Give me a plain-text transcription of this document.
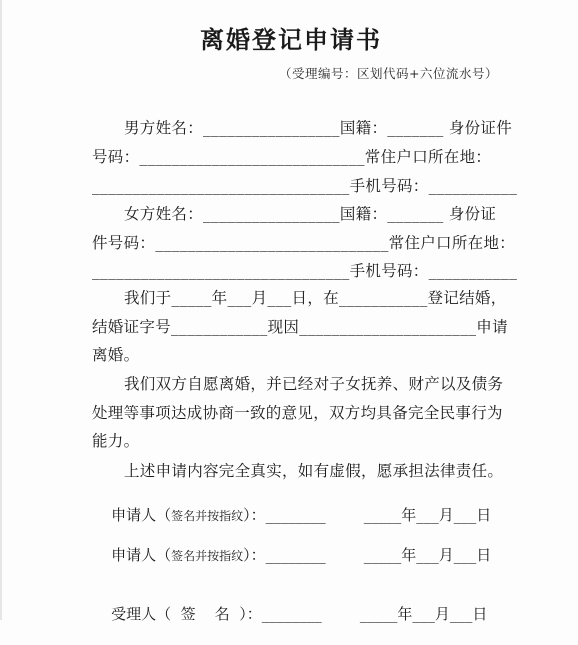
离婚登记申请书
（受理编号：区划代码+六位流水号）
男方姓名：_________________国籍：_______ 身份证件
号码：____________________________常住户口所在地：
________________________________手机号码：___________
女方姓名：_________________国籍：_______ 身份证
件号码：_____________________________常住户口所在地：
________________________________手机号码：___________
我们于_____年___月___日，在___________登记结婚，
结婚证字号____________现因______________________申请
离婚。
我们双方自愿离婚，并已经对子女抚养、财产以及债务
处理等事项达成协商一致的意见，双方均具备完全民事行为
能力。
上述申请内容完全真实，如有虚假，愿承担法律责任。

申请人（签名并按指纹）：________        _____年___月___日

申请人（签名并按指纹）：________        _____年___月___日

受理人（  签    名  ）：________        _____年___月___日
